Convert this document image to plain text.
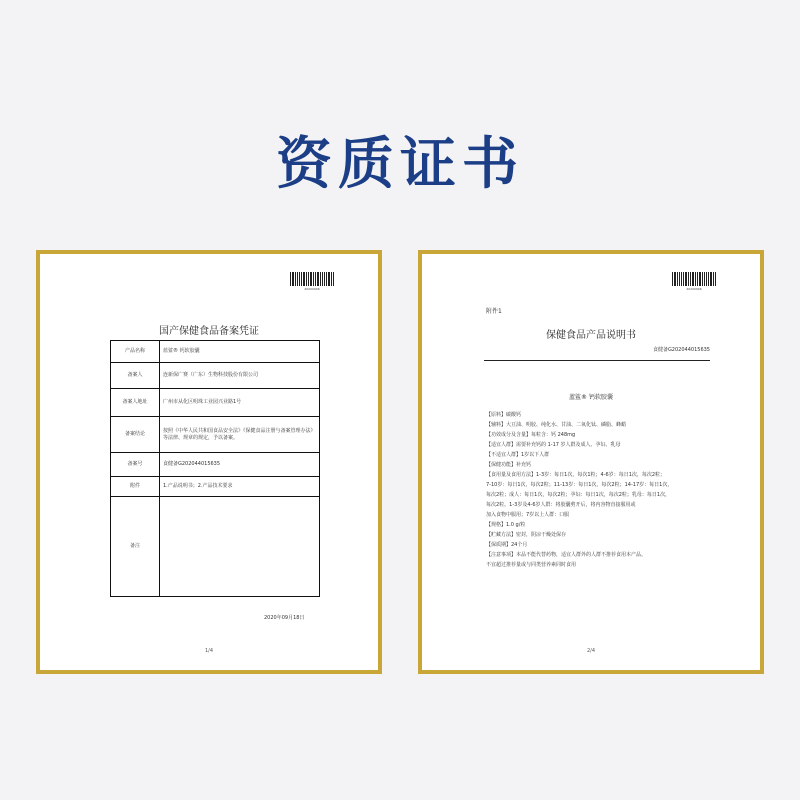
资质证书
20200906
国产保健食品备案凭证
产品名称	蓝鲨® 钙软胶囊
备案人	连新保广赛（广东）生物科技股份有限公司
备案人地址	广州市从化区明珠工业园兴业路1号
备案结论	按照《中华人民共和国食品安全法》《保健食品注册与备案管理办法》等法律、规章的规定，予以备案。
备案号	食健备G202044015635
附件	1.产品说明书；2.产品技术要求
备注	
2020年09月18日
1/4
20200906
附件1
保健食品产品说明书
食健备G202044015635
蓝鲨® 钙软胶囊
【原料】碳酸钙
【辅料】大豆油、明胶、纯化水、甘油、二氧化钛、磷脂、蜂蜡
【功效成分及含量】每粒含：钙 248mg
【适宜人群】需要补充钙的 1-17 岁人群及成人、孕妇、乳母
【不适宜人群】1岁以下人群
【保健功能】补充钙
【食用量及食用方法】1-3岁：每日1次，每次1粒；4-6岁：每日1次，每次2粒；
7-10岁：每日1次，每次2粒；11-13岁：每日1次，每次2粒；14-17岁：每日1次，
每次2粒；成人：每日1次，每次2粒；孕妇：每日1次，每次2粒；乳母：每日1次，
每次2粒。1-3岁及4-6岁人群：将胶囊剪开后，将内容物直接服用或
加入食物中服用；7岁以上人群：口服
【规格】1.0 g/粒
【贮藏方法】密封，阴凉干燥处保存
【保质期】24个月
【注意事项】本品不能代替药物，适宜人群外的人群不推荐食用本产品。
不宜超过推荐量或与同类营养素同时食用
2/4
